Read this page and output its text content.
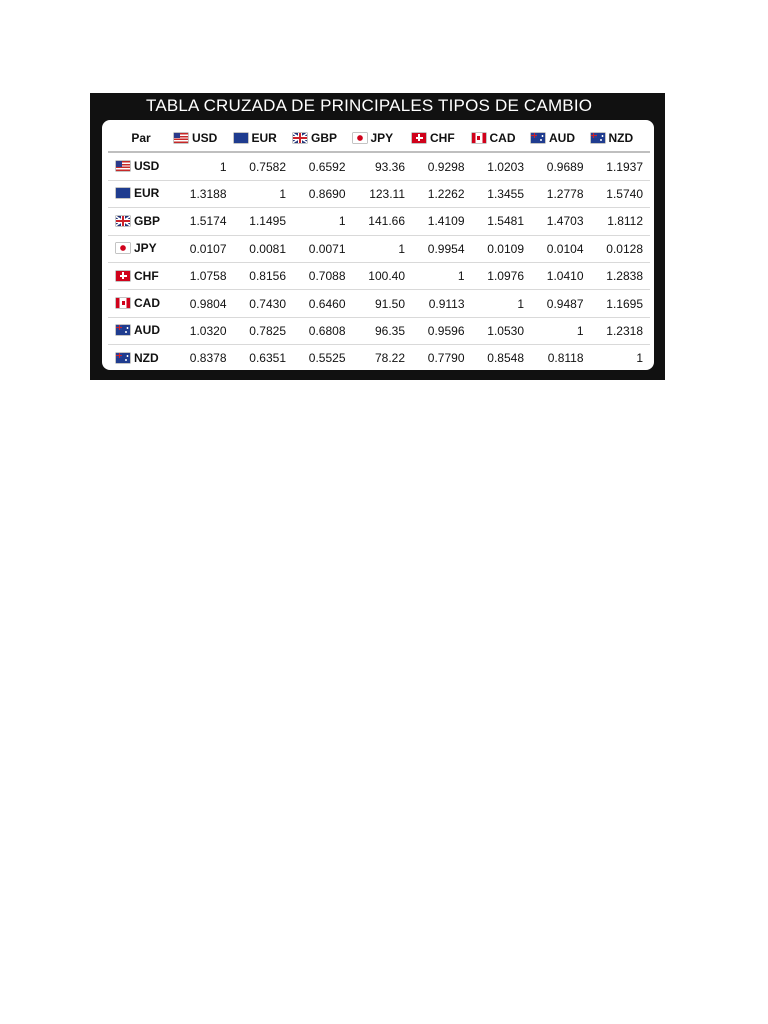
TABLA CRUZADA DE PRINCIPALES TIPOS DE CAMBIO
Par	USD	EUR	GBP	JPY	CHF	CAD	AUD	NZD

USD	1	0.7582	0.6592	93.36	0.9298	1.0203	0.9689	1.1937

EUR	1.3188	1	0.8690	123.11	1.2262	1.3455	1.2778	1.5740

GBP	1.5174	1.1495	1	141.66	1.4109	1.5481	1.4703	1.8112

JPY	0.0107	0.0081	0.0071	1	0.9954	0.0109	0.0104	0.0128

CHF	1.0758	0.8156	0.7088	100.40	1	1.0976	1.0410	1.2838

CAD	0.9804	0.7430	0.6460	91.50	0.9113	1	0.9487	1.1695

AUD	1.0320	0.7825	0.6808	96.35	0.9596	1.0530	1	1.2318

NZD	0.8378	0.6351	0.5525	78.22	0.7790	0.8548	0.8118	1
